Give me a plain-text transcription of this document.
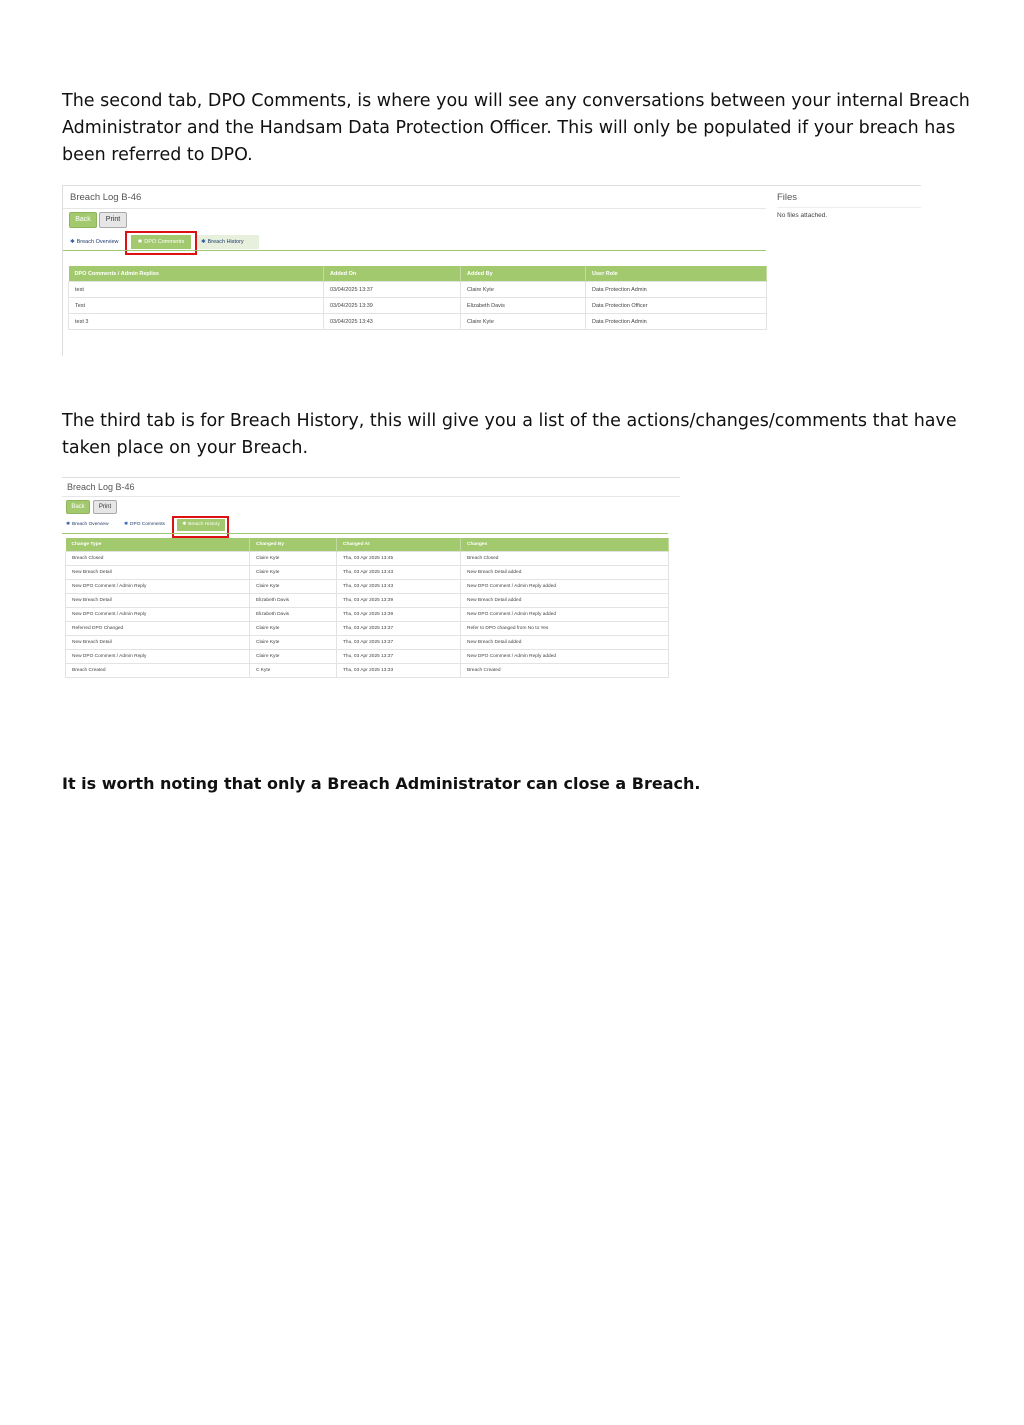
The second tab, DPO Comments, is where you will see any conversations between your internal Breach Administrator and the Handsam Data Protection Officer. This will only be populated if your breach has been referred to DPO.

Breach Log B-46
Back	Print
✱ Breach Overview	✱ DPO Comments	✱ Breach History
Files
No files attached.
DPO Comments / Admin Replies	Added On	Added By	User Role
test	03/04/2025 13:37	Claire Kyte	Data Protection Admin
Test	03/04/2025 13:39	Elizabeth Davis	Data Protection Officer
test 3	03/04/2025 13:43	Claire Kyte	Data Protection Admin

The third tab is for Breach History, this will give you a list of the actions/changes/comments that have taken place on your Breach.

Breach Log B-46
Back	Print
✱ Breach Overview	✱ DPO Comments	✱ Breach History
Change Type	Changed By	Changed At	Changes
Breach Closed	Claire Kyte	Thu, 03 Apr 2025 13:45	Breach Closed
New Breach Detail	Claire Kyte	Thu, 03 Apr 2025 13:43	New Breach Detail added
New DPO Comment / Admin Reply	Claire Kyte	Thu, 03 Apr 2025 13:43	New DPO Comment / Admin Reply added
New Breach Detail	Elizabeth Davis	Thu, 03 Apr 2025 13:39	New Breach Detail added
New DPO Comment / Admin Reply	Elizabeth Davis	Thu, 03 Apr 2025 13:39	New DPO Comment / Admin Reply added
Referred DPO Changed	Claire Kyte	Thu, 03 Apr 2025 13:37	Refer to DPO changed from No to Yes
New Breach Detail	Claire Kyte	Thu, 03 Apr 2025 13:37	New Breach Detail added
New DPO Comment / Admin Reply	Claire Kyte	Thu, 03 Apr 2025 13:37	New DPO Comment / Admin Reply added
Breach Created	C Kyte	Thu, 03 Apr 2025 13:33	Breach Created

It is worth noting that only a Breach Administrator can close a Breach.
